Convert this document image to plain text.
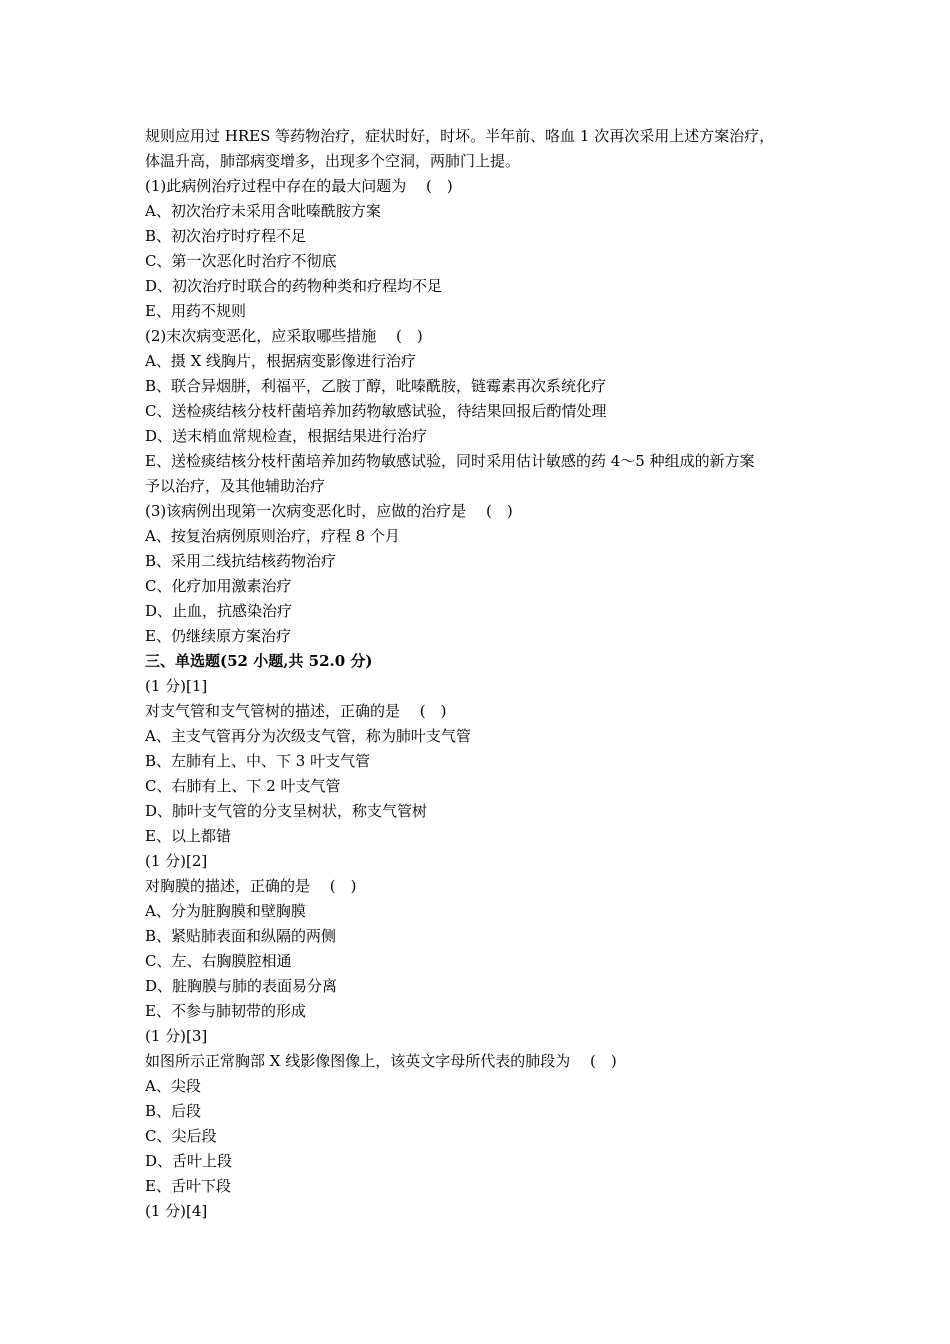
规则应用过 HRES 等药物治疗，症状时好，时坏。半年前、咯血 1 次再次采用上述方案治疗，
体温升高，肺部病变增多，出现多个空洞，两肺门上提。
(1)此病例治疗过程中存在的最大问题为　 (　)
A、初次治疗未采用含吡嗪酰胺方案
B、初次治疗时疗程不足
C、第一次恶化时治疗不彻底
D、初次治疗时联合的药物种类和疗程均不足
E、用药不规则
(2)末次病变恶化，应采取哪些措施　 (　)
A、摄 X 线胸片，根据病变影像进行治疗
B、联合异烟肼，利福平，乙胺丁醇，吡嗪酰胺，链霉素再次系统化疗
C、送检痰结核分枝杆菌培养加药物敏感试验，待结果回报后酌情处理
D、送末梢血常规检查，根据结果进行治疗
E、送检痰结核分枝杆菌培养加药物敏感试验，同时采用估计敏感的药 4～5 种组成的新方案
予以治疗，及其他辅助治疗
(3)该病例出现第一次病变恶化时，应做的治疗是　 (　)
A、按复治病例原则治疗，疗程 8 个月
B、采用二线抗结核药物治疗
C、化疗加用激素治疗
D、止血，抗感染治疗
E、仍继续原方案治疗
三、单选题(52 小题,共 52.0 分)
(1 分)[1]
对支气管和支气管树的描述，正确的是　 (　)
A、主支气管再分为次级支气管，称为肺叶支气管
B、左肺有上、中、下 3 叶支气管
C、右肺有上、下 2 叶支气管
D、肺叶支气管的分支呈树状，称支气管树
E、以上都错
(1 分)[2]
对胸膜的描述，正确的是　 (　)
A、分为脏胸膜和壁胸膜
B、紧贴肺表面和纵隔的两侧
C、左、右胸膜腔相通
D、脏胸膜与肺的表面易分离
E、不参与肺韧带的形成
(1 分)[3]
如图所示正常胸部 X 线影像图像上，该英文字母所代表的肺段为　 (　)
A、尖段
B、后段
C、尖后段
D、舌叶上段
E、舌叶下段
(1 分)[4]
